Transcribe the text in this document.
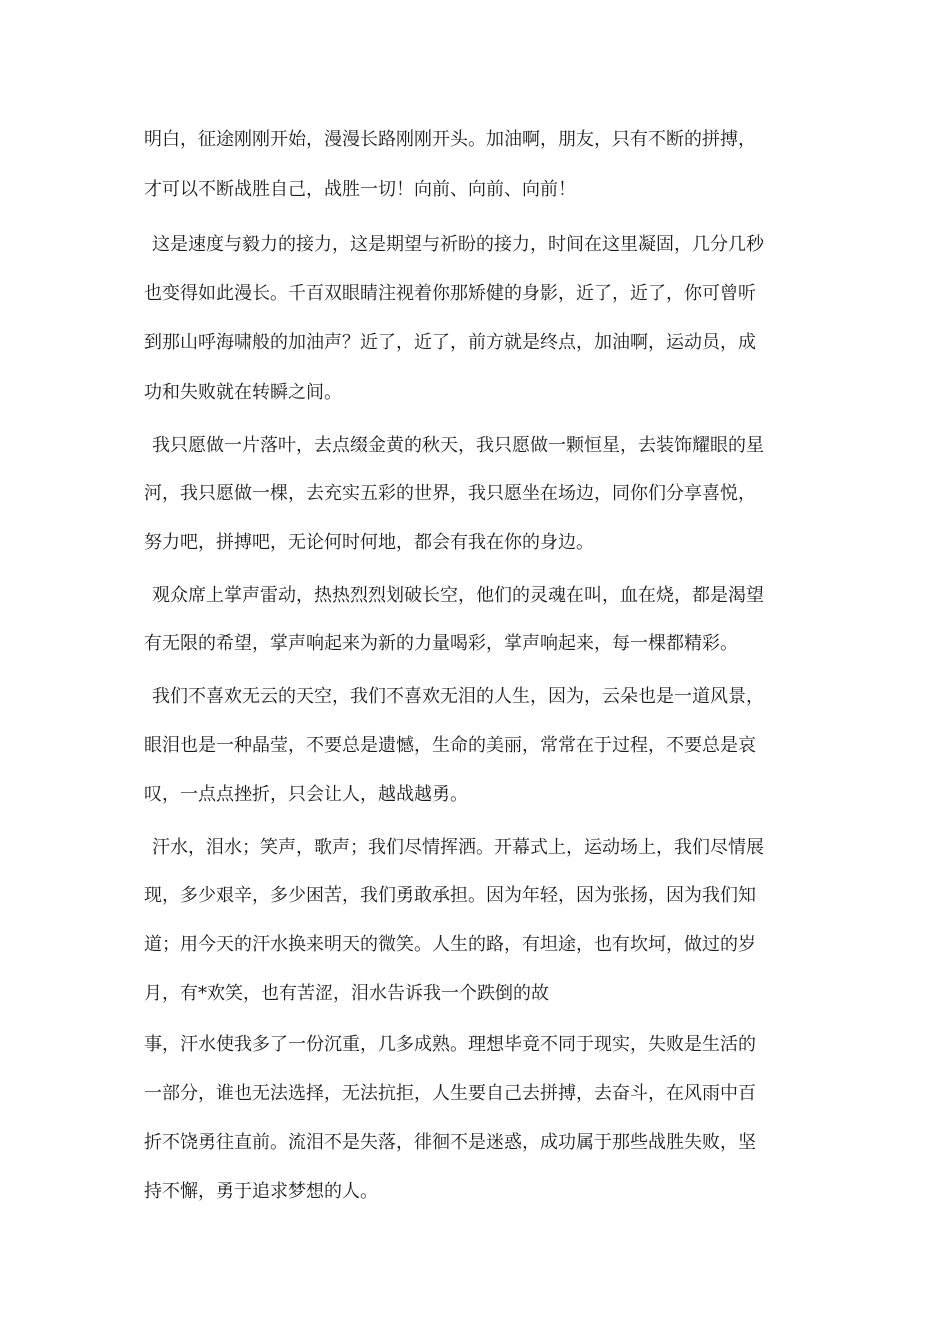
明白，征途刚刚开始，漫漫长路刚刚开头。加油啊，朋友，只有不断的拼搏，
才可以不断战胜自己，战胜一切！向前、向前、向前！
这是速度与毅力的接力，这是期望与祈盼的接力，时间在这里凝固，几分几秒
也变得如此漫长。千百双眼睛注视着你那矫健的身影，近了，近了，你可曾听
到那山呼海啸般的加油声？近了，近了，前方就是终点，加油啊，运动员，成
功和失败就在转瞬之间。
我只愿做一片落叶，去点缀金黄的秋天，我只愿做一颗恒星，去装饰耀眼的星
河，我只愿做一棵，去充实五彩的世界，我只愿坐在场边，同你们分享喜悦，
努力吧，拼搏吧，无论何时何地，都会有我在你的身边。
观众席上掌声雷动，热热烈烈划破长空，他们的灵魂在叫，血在烧，都是渴望
有无限的希望，掌声响起来为新的力量喝彩，掌声响起来，每一棵都精彩。
我们不喜欢无云的天空，我们不喜欢无泪的人生，因为，云朵也是一道风景，
眼泪也是一种晶莹，不要总是遗憾，生命的美丽，常常在于过程，不要总是哀
叹，一点点挫折，只会让人，越战越勇。
汗水，泪水；笑声，歌声；我们尽情挥洒。开幕式上，运动场上，我们尽情展
现，多少艰辛，多少困苦，我们勇敢承担。因为年轻，因为张扬，因为我们知
道；用今天的汗水换来明天的微笑。人生的路，有坦途，也有坎坷，做过的岁
月，有*欢笑，也有苦涩，泪水告诉我一个跌倒的故
事，汗水使我多了一份沉重，几多成熟。理想毕竟不同于现实，失败是生活的
一部分，谁也无法选择，无法抗拒，人生要自己去拼搏，去奋斗，在风雨中百
折不饶勇往直前。流泪不是失落，徘徊不是迷惑，成功属于那些战胜失败，坚
持不懈，勇于追求梦想的人。
